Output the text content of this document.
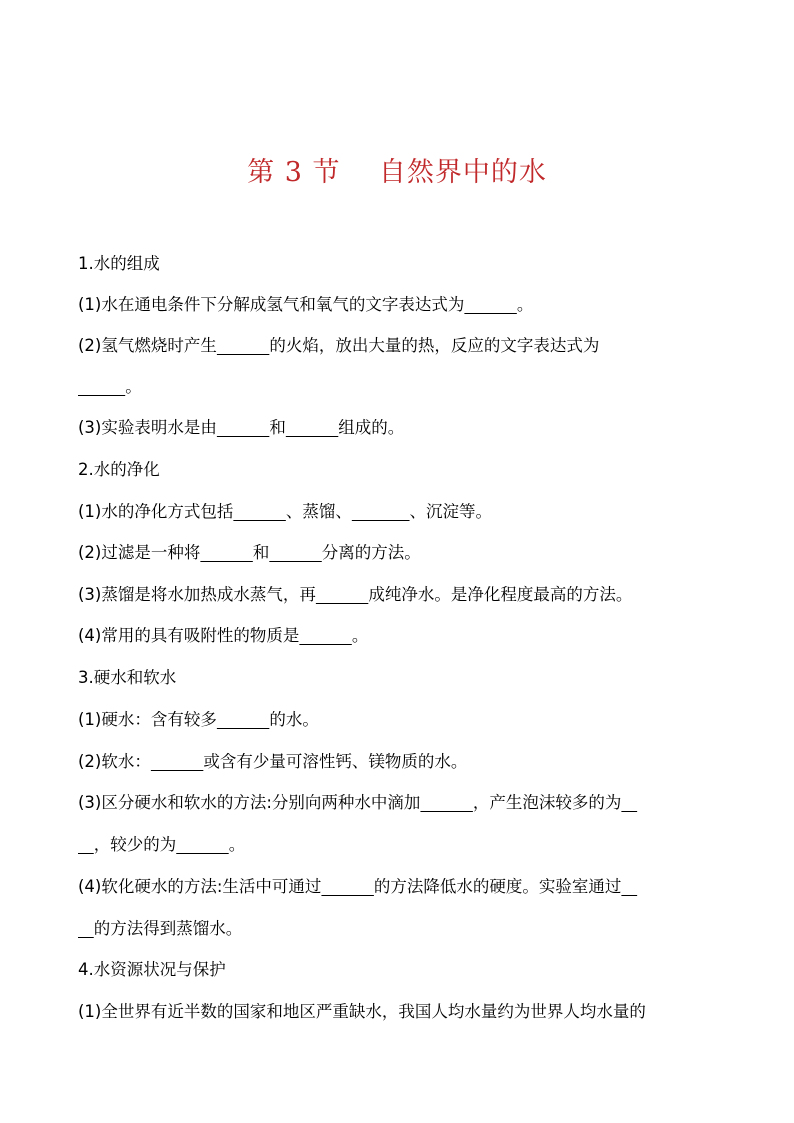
第 3 节    自然界中的水
1.水的组成
(1)水在通电条件下分解成氢气和氧气的文字表达式为	。
(2)氢气燃烧时产生	的火焰，放出大量的热，反应的文字表达式为
。
(3)实验表明水是由	和	组成的。
2.水的净化
(1)水的净化方式包括	、蒸馏、	、沉淀等。
(2)过滤是一种将	和	分离的方法。
(3)蒸馏是将水加热成水蒸气，再	成纯净水。是净化程度最高的方法。
(4)常用的具有吸附性的物质是	。
3.硬水和软水
(1)硬水：含有较多	的水。
(2)软水：	或含有少量可溶性钙、镁物质的水。
(3)区分硬水和软水的方法:分别向两种水中滴加	，产生泡沫较多的为
，较少的为	。
(4)软化硬水的方法:生活中可通过	的方法降低水的硬度。实验室通过
的方法得到蒸馏水。
4.水资源状况与保护
(1)全世界有近半数的国家和地区严重缺水，我国人均水量约为世界人均水量的
